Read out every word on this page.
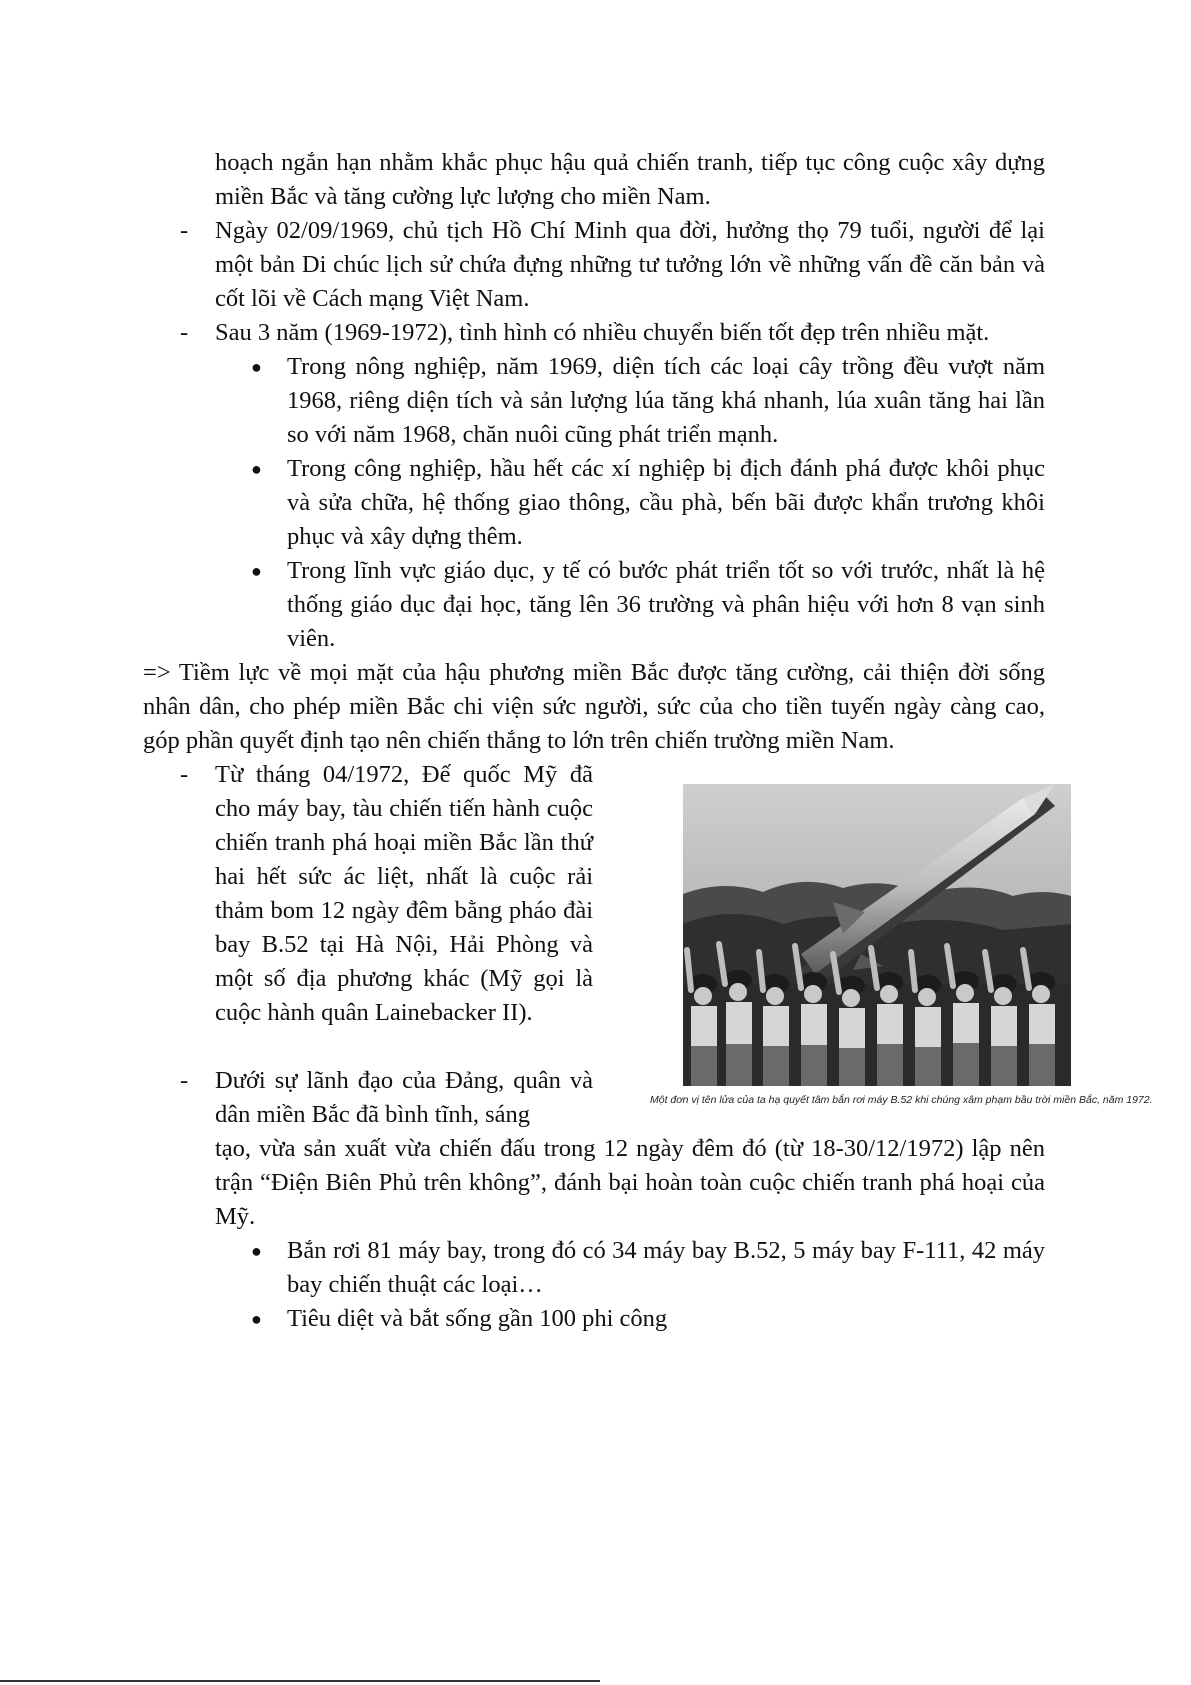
hoạch ngắn hạn nhằm khắc phục hậu quả chiến tranh, tiếp tục công cuộc xây dựng miền Bắc và tăng cường lực lượng cho miền Nam.

- Ngày 02/09/1969, chủ tịch Hồ Chí Minh qua đời, hưởng thọ 79 tuổi, người để lại một bản Di chúc lịch sử chứa đựng những tư tưởng lớn về những vấn đề căn bản và cốt lõi về Cách mạng Việt Nam.

- Sau 3 năm (1969-1972), tình hình có nhiều chuyển biến tốt đẹp trên nhiều mặt.

● Trong nông nghiệp, năm 1969, diện tích các loại cây trồng đều vượt năm 1968, riêng diện tích và sản lượng lúa tăng khá nhanh, lúa xuân tăng hai lần so với năm 1968, chăn nuôi cũng phát triển mạnh.

● Trong công nghiệp, hầu hết các xí nghiệp bị địch đánh phá được khôi phục và sửa chữa, hệ thống giao thông, cầu phà, bến bãi được khẩn trương khôi phục và xây dựng thêm.

● Trong lĩnh vực giáo dục, y tế có bước phát triển tốt so với trước, nhất là hệ thống giáo dục đại học, tăng lên 36 trường và phân hiệu với hơn 8 vạn sinh viên.

=> Tiềm lực về mọi mặt của hậu phương miền Bắc được tăng cường, cải thiện đời sống nhân dân, cho phép miền Bắc chi viện sức người, sức của cho tiền tuyến ngày càng cao, góp phần quyết định tạo nên chiến thắng to lớn trên chiến trường miền Nam.

- Từ tháng 04/1972, Đế quốc Mỹ đã cho máy bay, tàu chiến tiến hành cuộc chiến tranh phá hoại miền Bắc lần thứ hai hết sức ác liệt, nhất là cuộc rải thảm bom 12 ngày đêm bằng pháo đài bay B.52 tại Hà Nội, Hải Phòng và một số địa phương khác (Mỹ gọi là cuộc hành quân Lainebacker II).

- Dưới sự lãnh đạo của Đảng, quân và dân miền Bắc đã bình tĩnh, sáng

tạo, vừa sản xuất vừa chiến đấu trong 12 ngày đêm đó (từ 18-30/12/1972) lập nên trận “Điện Biên Phủ trên không”, đánh bại hoàn toàn cuộc chiến tranh phá hoại của Mỹ.

● Bắn rơi 81 máy bay, trong đó có 34 máy bay B.52, 5 máy bay F-111, 42 máy bay chiến thuật các loại…

● Tiêu diệt và bắt sống gần 100 phi công

Một đơn vị tên lửa của ta hạ quyết tâm bắn rơi máy B.52 khi chúng xâm phạm bầu trời miền Bắc, năm 1972.
